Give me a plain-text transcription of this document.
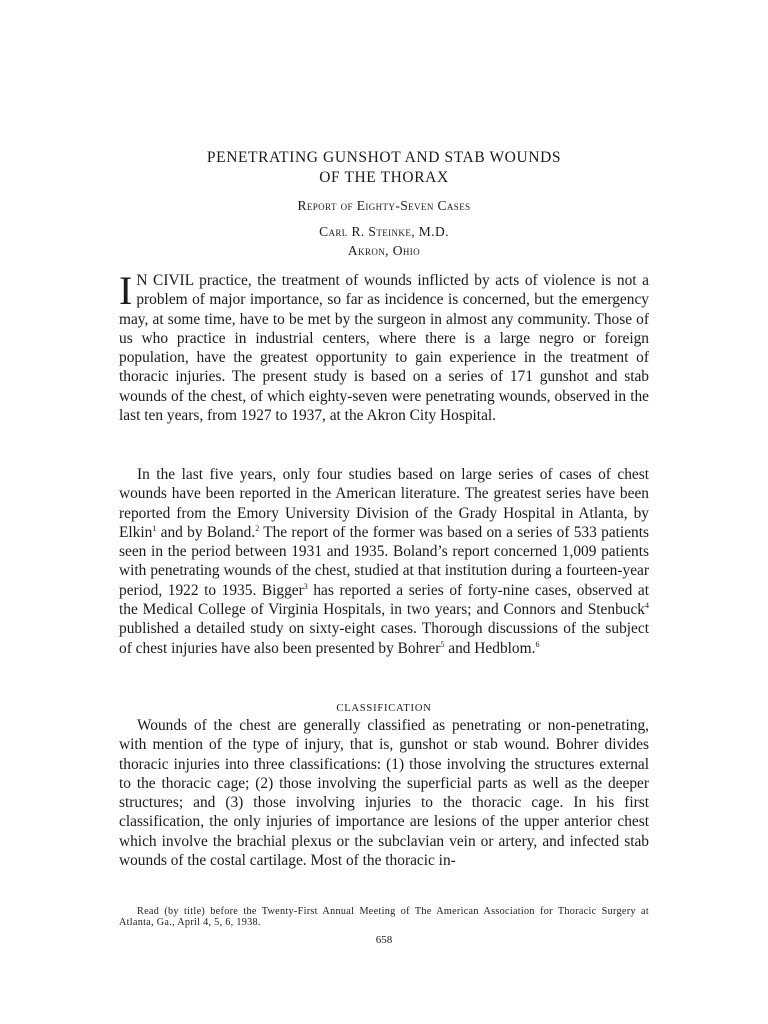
PENETRATING GUNSHOT AND STAB WOUNDS
OF THE THORAX
Report of Eighty-Seven Cases
Carl R. Steinke, M.D.
Akron, Ohio
I N CIVIL practice, the treatment of wounds inflicted by acts of violence is not a problem of major importance, so far as incidence is concerned, but the emergency may, at some time, have to be met by the surgeon in almost any community. Those of us who practice in industrial centers, where there is a large negro or foreign population, have the greatest opportunity to gain experience in the treatment of thoracic injuries. The present study is based on a series of 171 gunshot and stab wounds of the chest, of which eighty-seven were penetrating wounds, observed in the last ten years, from 1927 to 1937, at the Akron City Hospital.
In the last five years, only four studies based on large series of cases of chest wounds have been reported in the American literature. The greatest series have been reported from the Emory University Division of the Grady Hospital in Atlanta, by Elkin$^1$ and by Boland.$^2$ The report of the former was based on a series of 533 patients seen in the period between 1931 and 1935. Boland’s report concerned 1,009 patients with penetrating wounds of the chest, studied at that institution during a fourteen-year period, 1922 to 1935. Bigger$^3$ has reported a series of forty-nine cases, observed at the Medical College of Virginia Hospitals, in two years; and Connors and Stenbuck$^4$ published a detailed study on sixty-eight cases. Thorough discussions of the subject of chest injuries have also been presented by Bohrer$^5$ and Hedblom.$^6$
CLASSIFICATION
Wounds of the chest are generally classified as penetrating or non-penetrating, with mention of the type of injury, that is, gunshot or stab wound. Bohrer divides thoracic injuries into three classifications: (1) those involving the structures external to the thoracic cage; (2) those involving the superficial parts as well as the deeper structures; and (3) those involving injuries to the thoracic cage. In his first classification, the only injuries of importance are lesions of the upper anterior chest which involve the brachial plexus or the subclavian vein or artery, and infected stab wounds of the costal cartilage. Most of the thoracic in-
Read (by title) before the Twenty-First Annual Meeting of The American Association for Thoracic Surgery at Atlanta, Ga., April 4, 5, 6, 1938.
658
